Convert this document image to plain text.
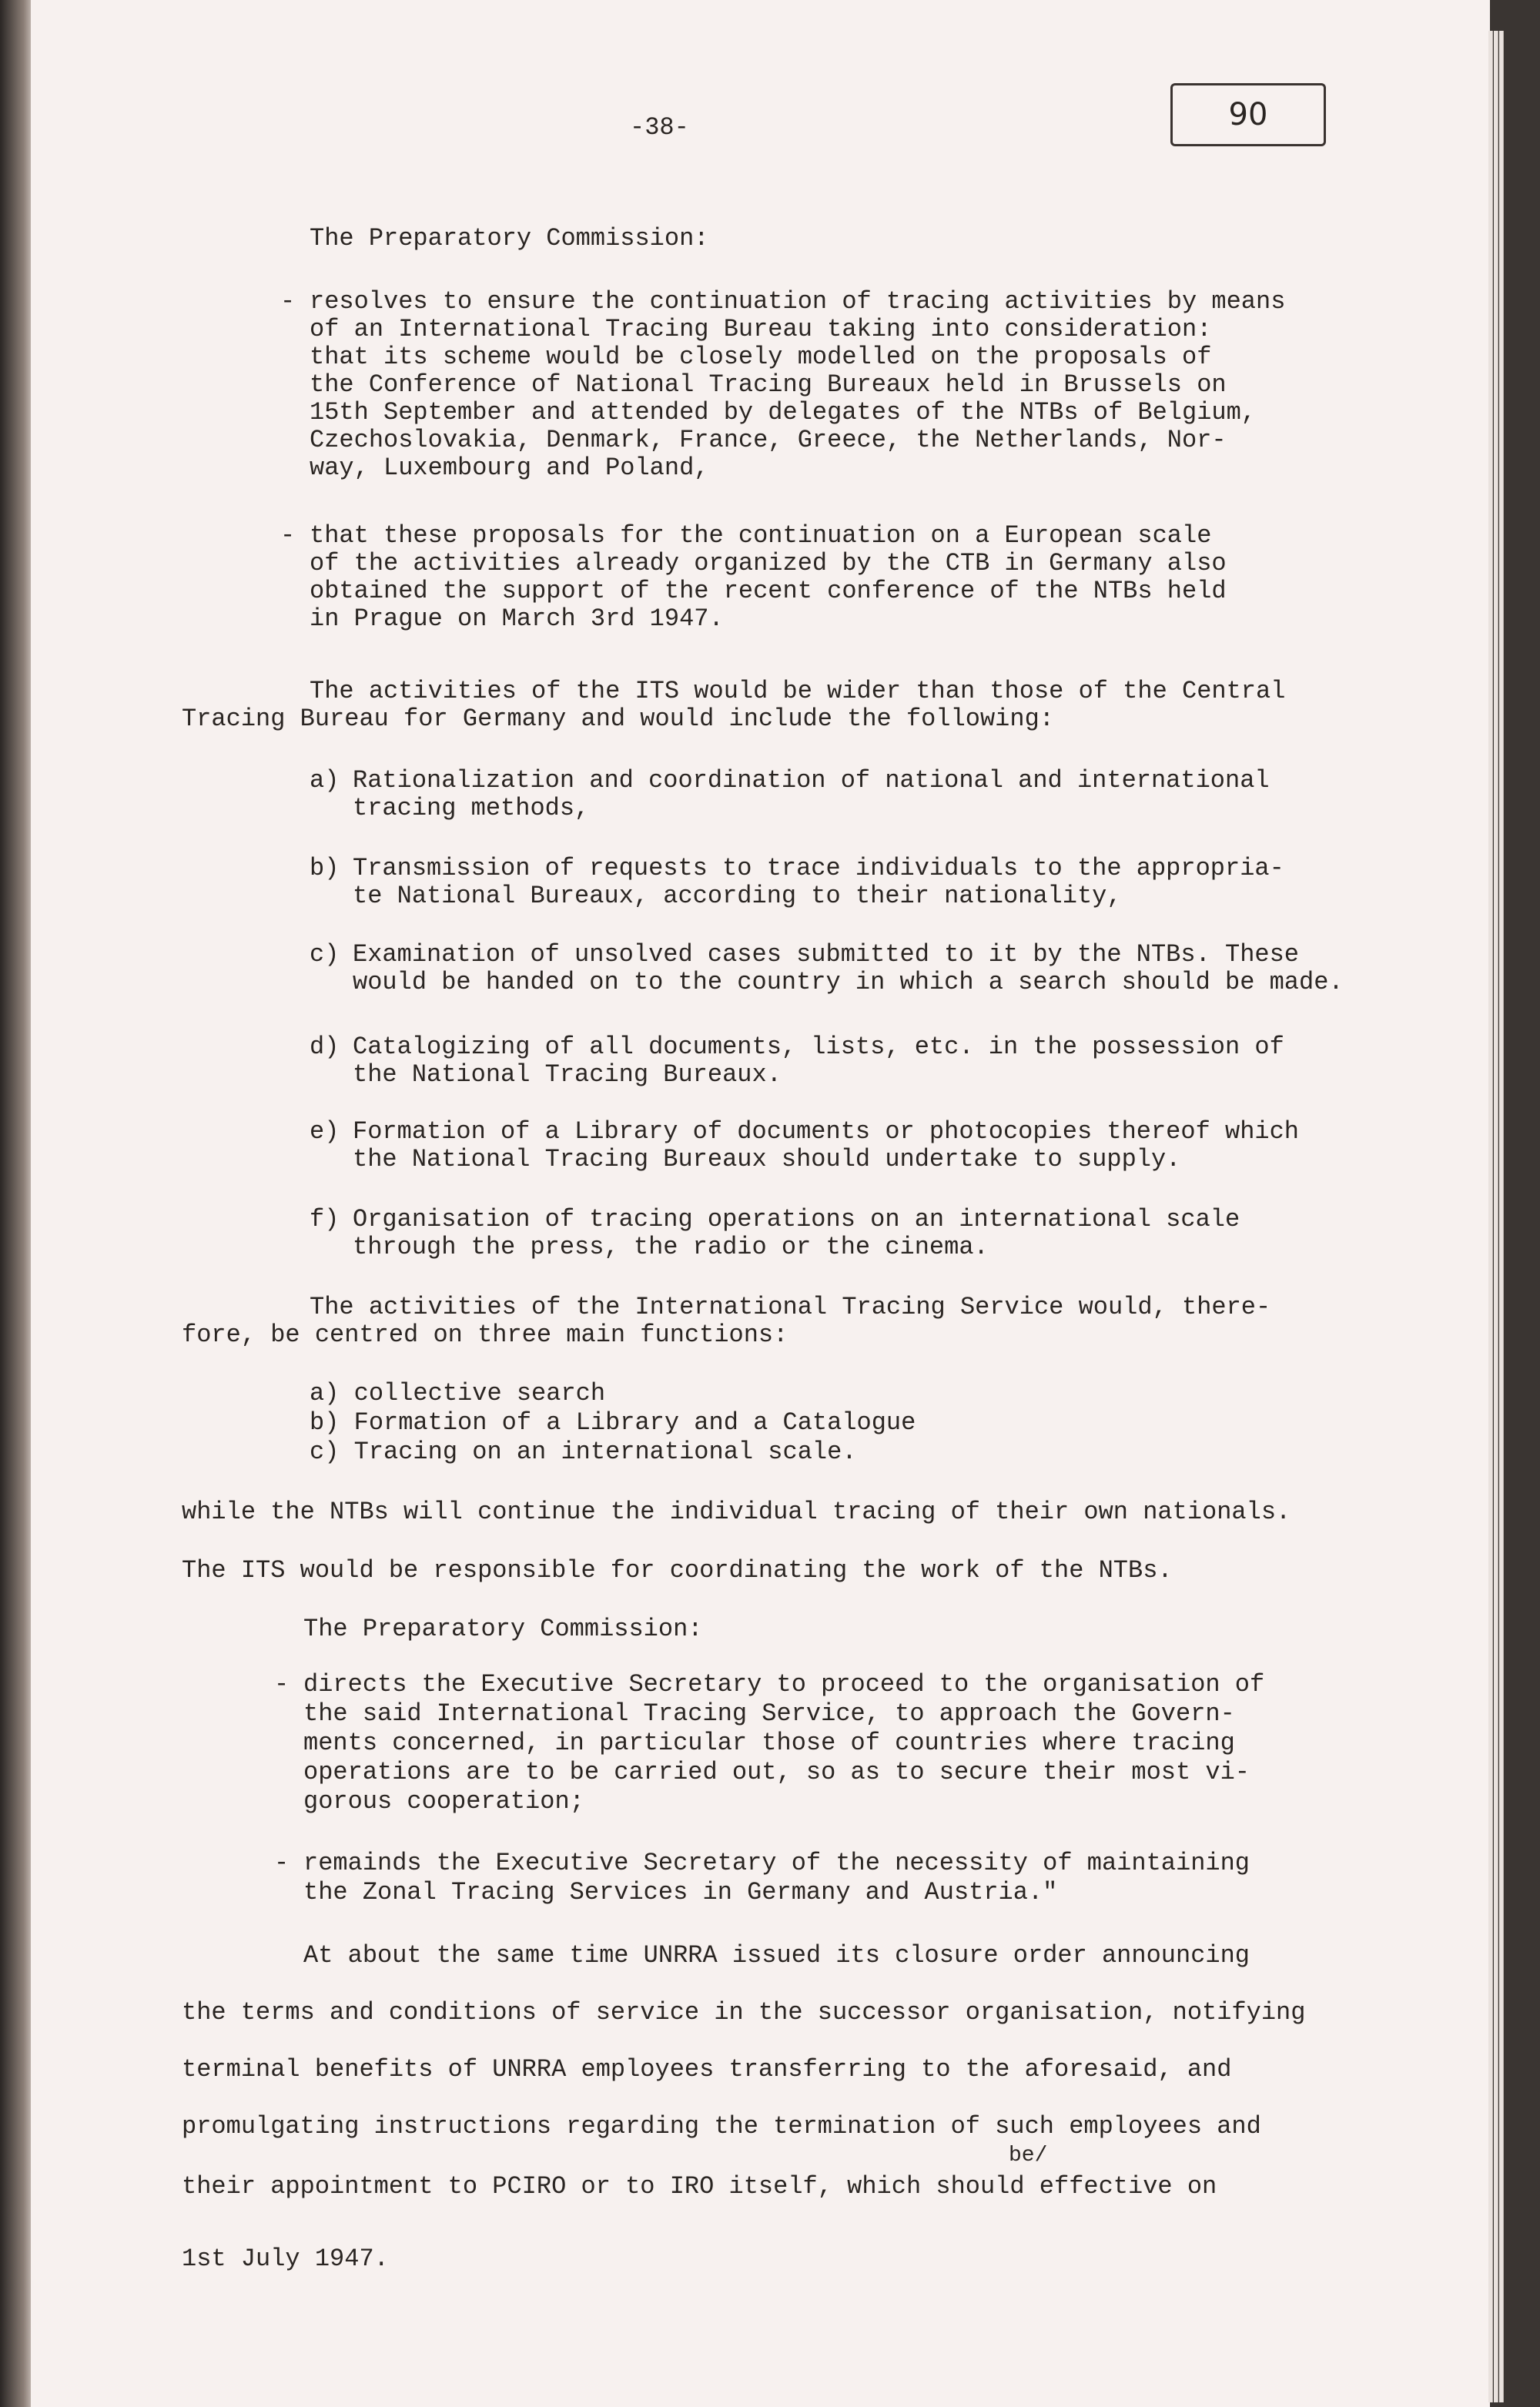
-38-	90
The Preparatory Commission:
- resolves to ensure the continuation of tracing activities by means
of an International Tracing Bureau taking into consideration:
that its scheme would be closely modelled on the proposals of
the Conference of National Tracing Bureaux held in Brussels on
15th September and attended by delegates of the NTBs of Belgium,
Czechoslovakia, Denmark, France, Greece, the Netherlands, Nor-
way, Luxembourg and Poland,
- that these proposals for the continuation on a European scale
of the activities already organized by the CTB in Germany also
obtained the support of the recent conference of the NTBs held
in Prague on March 3rd 1947.
The activities of the ITS would be wider than those of the Central
Tracing Bureau for Germany and would include the following:
a) Rationalization and coordination of national and international
tracing methods,
b) Transmission of requests to trace individuals to the appropria-
te National Bureaux, according to their nationality,
c) Examination of unsolved cases submitted to it by the NTBs. These
would be handed on to the country in which a search should be made.
d) Catalogizing of all documents, lists, etc. in the possession of
the National Tracing Bureaux.
e) Formation of a Library of documents or photocopies thereof which
the National Tracing Bureaux should undertake to supply.
f) Organisation of tracing operations on an international scale
through the press, the radio or the cinema.
The activities of the International Tracing Service would, there-
fore, be centred on three main functions:
a) collective search
b) Formation of a Library and a Catalogue
c) Tracing on an international scale.
while the NTBs will continue the individual tracing of their own nationals.
The ITS would be responsible for coordinating the work of the NTBs.
The Preparatory Commission:
- directs the Executive Secretary to proceed to the organisation of
the said International Tracing Service, to approach the Govern-
ments concerned, in particular those of countries where tracing
operations are to be carried out, so as to secure their most vi-
gorous cooperation;
- remainds the Executive Secretary of the necessity of maintaining
the Zonal Tracing Services in Germany and Austria."
At about the same time UNRRA issued its closure order announcing
the terms and conditions of service in the successor organisation, notifying
terminal benefits of UNRRA employees transferring to the aforesaid, and
promulgating instructions regarding the termination of such employees and
be/
their appointment to PCIRO or to IRO itself, which should effective on
1st July 1947.
